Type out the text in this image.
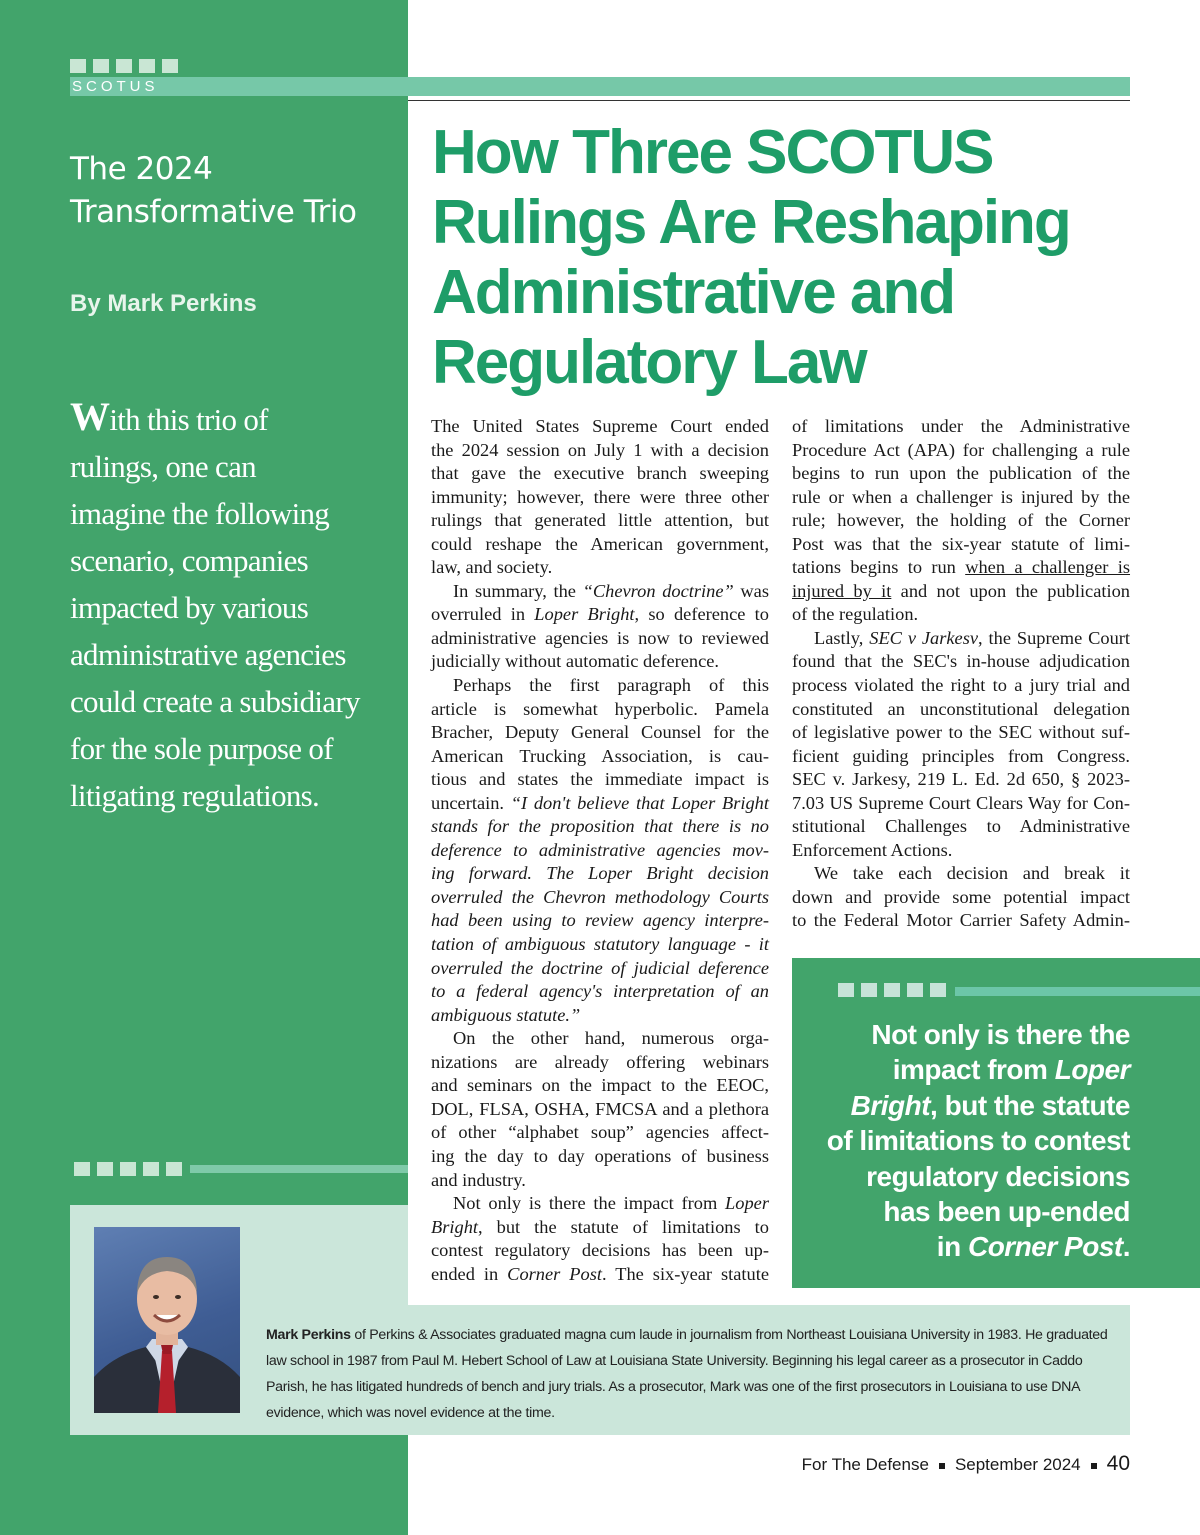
SCOTUS
The 2024
Transformative Trio
By Mark Perkins
With this trio of
rulings, one can
imagine the following
scenario, companies
impacted by various
administrative agencies
could create a subsidiary
for the sole purpose of
litigating regulations.
How Three SCOTUS
Rulings Are Reshaping
Administrative and
Regulatory Law
The United States Supreme Court ended
the 2024 session on July 1 with a decision
that gave the executive branch sweeping
immunity; however, there were three other
rulings that generated little attention, but
could reshape the American government,
law, and society.
In summary, the “Chevron doctrine” was
overruled in Loper Bright, so deference to
administrative agencies is now to reviewed
judicially without automatic deference.
Perhaps the first paragraph of this
article is somewhat hyperbolic. Pamela
Bracher, Deputy General Counsel for the
American Trucking Association, is cau-
tious and states the immediate impact is
uncertain. “I don't believe that Loper Bright
stands for the proposition that there is no
deference to administrative agencies mov-
ing forward. The Loper Bright decision
overruled the Chevron methodology Courts
had been using to review agency interpre-
tation of ambiguous statutory language - it
overruled the doctrine of judicial deference
to a federal agency's interpretation of an
ambiguous statute.”
On the other hand, numerous orga-
nizations are already offering webinars
and seminars on the impact to the EEOC,
DOL, FLSA, OSHA, FMCSA and a plethora
of other “alphabet soup” agencies affect-
ing the day to day operations of business
and industry.
Not only is there the impact from Loper
Bright, but the statute of limitations to
contest regulatory decisions has been up-
ended in Corner Post. The six-year statute
of limitations under the Administrative
Procedure Act (APA) for challenging a rule
begins to run upon the publication of the
rule or when a challenger is injured by the
rule; however, the holding of the Corner
Post was that the six-year statute of limi-
tations begins to run when a challenger is
injured by it and not upon the publication
of the regulation.
Lastly, SEC v Jarkesv, the Supreme Court
found that the SEC's in-house adjudication
process violated the right to a jury trial and
constituted an unconstitutional delegation
of legislative power to the SEC without suf-
ficient guiding principles from Congress.
SEC v. Jarkesy, 219 L. Ed. 2d 650, § 2023-
7.03 US Supreme Court Clears Way for Con-
stitutional Challenges to Administrative
Enforcement Actions.
We take each decision and break it
down and provide some potential impact
to the Federal Motor Carrier Safety Admin-
Not only is there the
impact from Loper
Bright, but the statute
of limitations to contest
regulatory decisions
has been up-ended
in Corner Post.
Mark Perkins of Perkins & Associates graduated magna cum laude in journalism from Northeast Louisiana University in 1983. He graduated law school in 1987 from Paul M. Hebert School of Law at Louisiana State University. Beginning his legal career as a prosecutor in Caddo Parish, he has litigated hundreds of bench and jury trials. As a prosecutor, Mark was one of the first prosecutors in Louisiana to use DNA evidence, which was novel evidence at the time.
For The Defense September 2024 40
